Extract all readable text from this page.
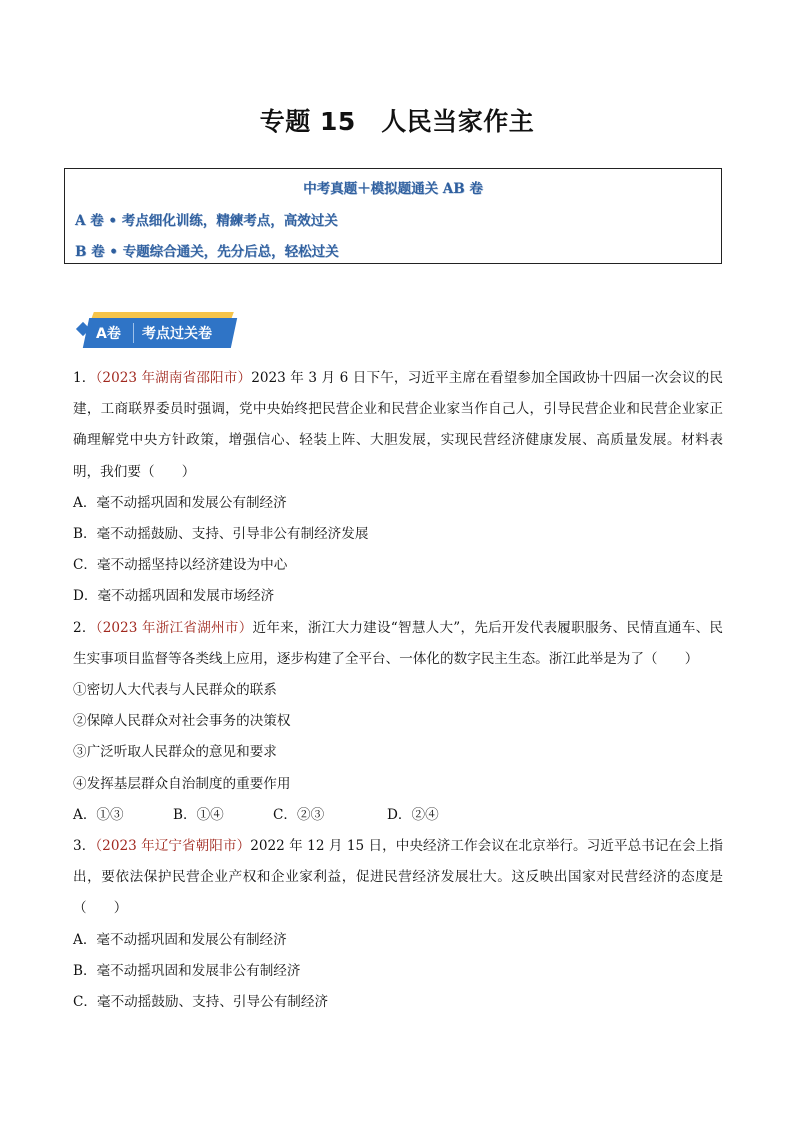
专题 15　人民当家作主
中考真题＋模拟题通关 AB 卷
A 卷 • 考点细化训练，精練考点，高效过关
B 卷 • 专题综合通关，先分后总，轻松过关
A卷 考点过关卷

1．（2023 年湖南省邵阳市）2023 年 3 月 6 日下午，习近平主席在看望参加全国政协十四届一次会议的民建，工商联界委员时强调，党中央始终把民营企业和民营企业家当作自己人，引导民营企业和民营企业家正确理解党中央方针政策，增强信心、轻装上阵、大胆发展，实现民营经济健康发展、高质量发展。材料表明，我们要（　　）

A．毫不动摇巩固和发展公有制经济

B．毫不动摇鼓励、支持、引导非公有制经济发展

C．毫不动摇坚持以经济建设为中心

D．毫不动摇巩固和发展市场经济

2．（2023 年浙江省湖州市）近年来，浙江大力建设“智慧人大”，先后开发代表履职服务、民情直通车、民生实事项目监督等各类线上应用，逐步构建了全平台、一体化的数字民主生态。浙江此举是为了（　　）

①密切人大代表与人民群众的联系

②保障人民群众对社会事务的决策权

③广泛听取人民群众的意见和要求

④发挥基层群众自治制度的重要作用

A．①③	B．①④	C．②③	D．②④

3．（2023 年辽宁省朝阳市）2022 年 12 月 15 日，中央经济工作会议在北京举行。习近平总书记在会上指出，要依法保护民营企业产权和企业家利益，促进民营经济发展壮大。这反映出国家对民营经济的态度是（　　）

A．毫不动摇巩固和发展公有制经济

B．毫不动摇巩固和发展非公有制经济

C．毫不动摇鼓励、支持、引导公有制经济
